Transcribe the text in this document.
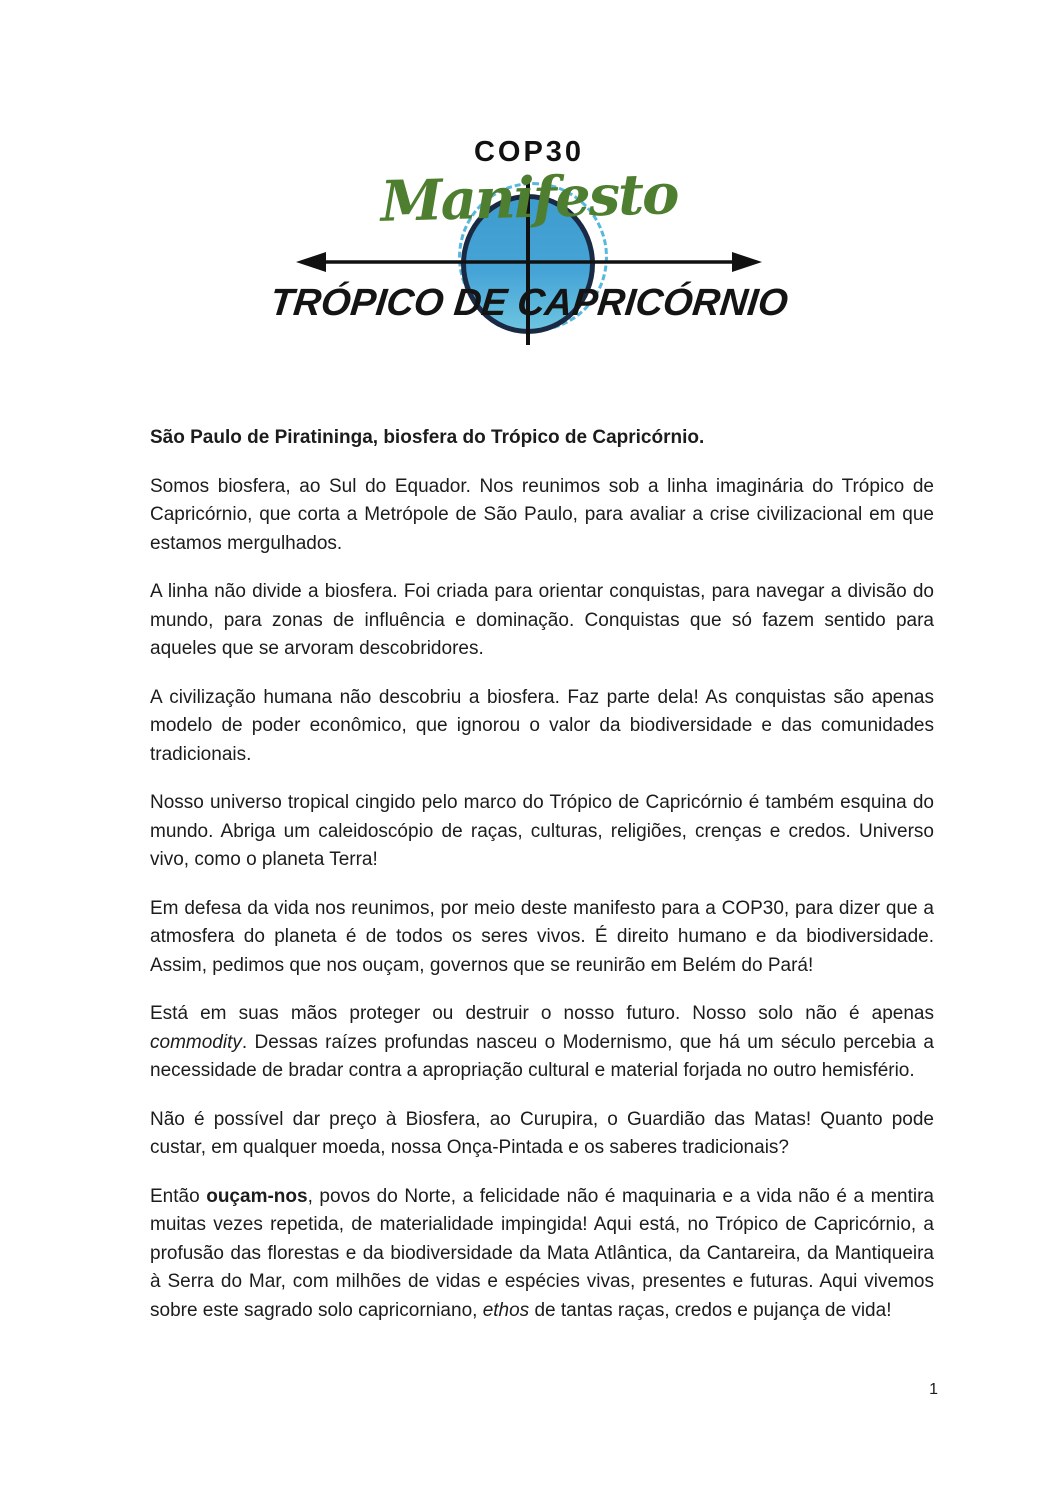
COP30
Manifesto
TRÓPICO DE CAPRICÓRNIO

São Paulo de Piratininga, biosfera do Trópico de Capricórnio.

Somos biosfera, ao Sul do Equador. Nos reunimos sob a linha imaginária do Trópico de Capricórnio, que corta a Metrópole de São Paulo, para avaliar a crise civilizacional em que estamos mergulhados.

A linha não divide a biosfera. Foi criada para orientar conquistas, para navegar a divisão do mundo, para zonas de influência e dominação. Conquistas que só fazem sentido para aqueles que se arvoram descobridores.

A civilização humana não descobriu a biosfera. Faz parte dela! As conquistas são apenas modelo de poder econômico, que ignorou o valor da biodiversidade e das comunidades tradicionais.

Nosso universo tropical cingido pelo marco do Trópico de Capricórnio é também esquina do mundo. Abriga um caleidoscópio de raças, culturas, religiões, crenças e credos. Universo vivo, como o planeta Terra!

Em defesa da vida nos reunimos, por meio deste manifesto para a COP30, para dizer que a atmosfera do planeta é de todos os seres vivos. É direito humano e da biodiversidade. Assim, pedimos que nos ouçam, governos que se reunirão em Belém do Pará!

Está em suas mãos proteger ou destruir o nosso futuro. Nosso solo não é apenas commodity. Dessas raízes profundas nasceu o Modernismo, que há um século percebia a necessidade de bradar contra a apropriação cultural e material forjada no outro hemisfério.

Não é possível dar preço à Biosfera, ao Curupira, o Guardião das Matas! Quanto pode custar, em qualquer moeda, nossa Onça-Pintada e os saberes tradicionais?

Então ouçam-nos, povos do Norte, a felicidade não é maquinaria e a vida não é a mentira muitas vezes repetida, de materialidade impingida! Aqui está, no Trópico de Capricórnio, a profusão das florestas e da biodiversidade da Mata Atlântica, da Cantareira, da Mantiqueira à Serra do Mar, com milhões de vidas e espécies vivas, presentes e futuras. Aqui vivemos sobre este sagrado solo capricorniano, ethos de tantas raças, credos e pujança de vida!

1
